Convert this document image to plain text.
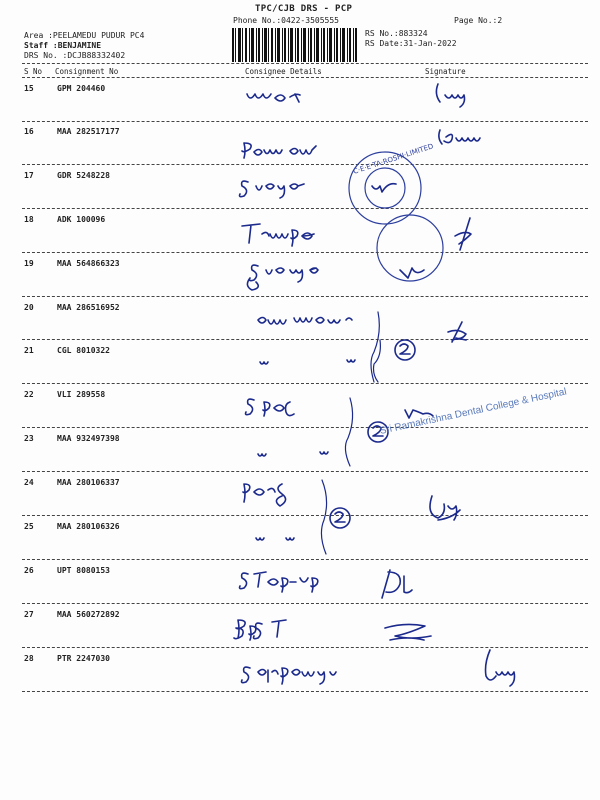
TPC/CJB DRS - PCP
Phone No.:0422-3505555	Page No.:2
Area :PEELAMEDU PUDUR PC4
Staff :BENJAMINE
DRS No. :DCJB88332402
RS No.:883324
RS Date:31-Jan-2022
S No Consignment No	Consignee Details	Signature
15	GPM 204460
16	MAA 282517177
17	GDR 5248228
18	ADK 100096
19	MAA 564866323
20	MAA 286516952
21	CGL 8010322
22	VLI 289558
23	MAA 932497398
24	MAA 280106337
25	MAA 280106326
26	UPT 8080153
27	MAA 560272892
28	PTR 2247030
C·E·E·TA·ROSHI·LIMITED
Sri Ramakrishna Dental College & Hospital
